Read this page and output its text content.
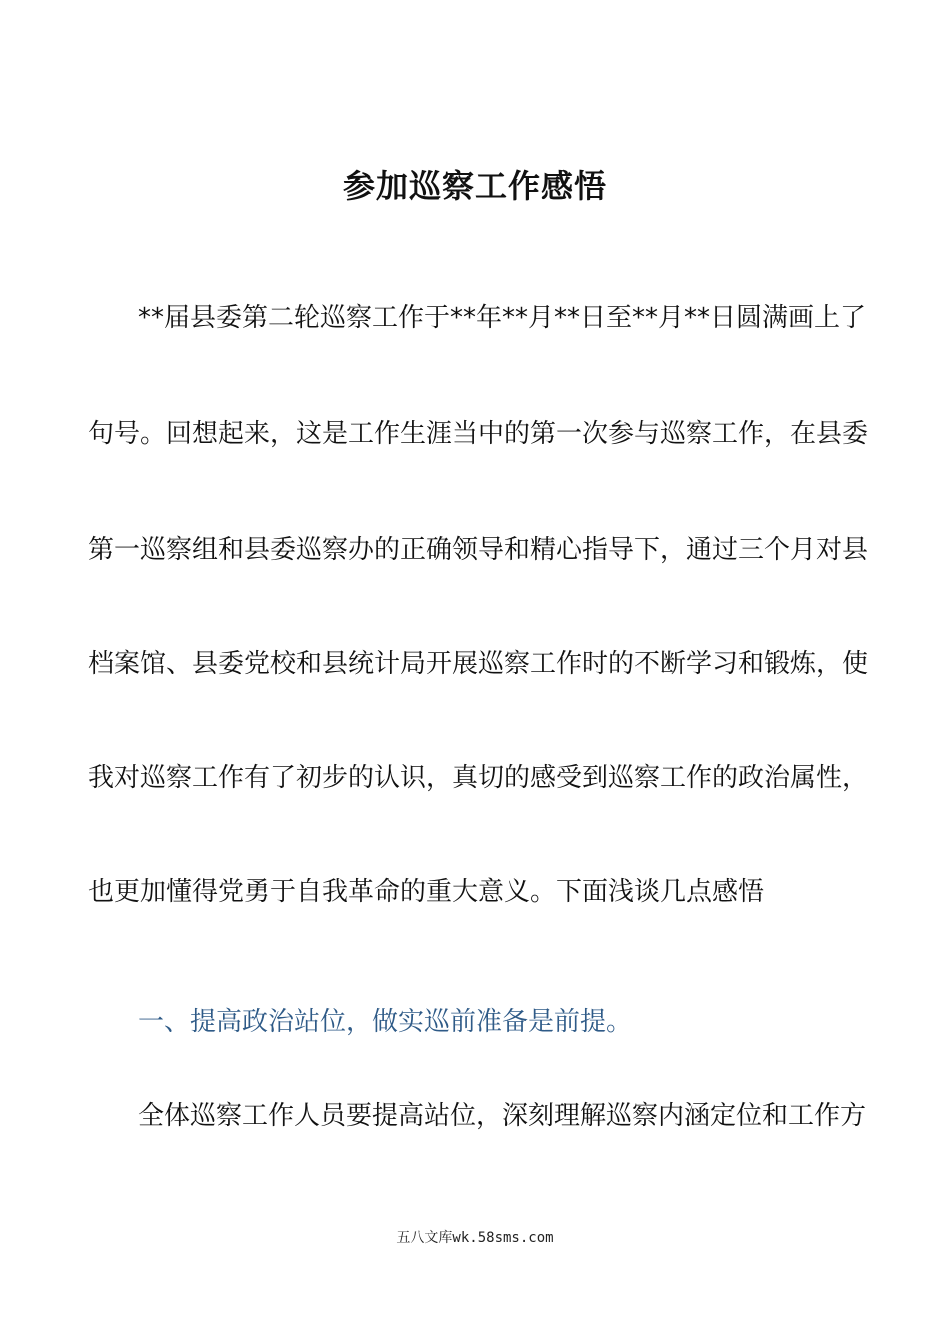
参加巡察工作感悟

**届县委第二轮巡察工作于**年**月**日至**月**日圆满画上了

句号。回想起来，这是工作生涯当中的第一次参与巡察工作，在县委

第一巡察组和县委巡察办的正确领导和精心指导下，通过三个月对县

档案馆、县委党校和县统计局开展巡察工作时的不断学习和锻炼，使

我对巡察工作有了初步的认识，真切的感受到巡察工作的政治属性，

也更加懂得党勇于自我革命的重大意义。下面浅谈几点感悟

一、提高政治站位，做实巡前准备是前提。

全体巡察工作人员要提高站位，深刻理解巡察内涵定位和工作方

五八文库wk.58sms.com
